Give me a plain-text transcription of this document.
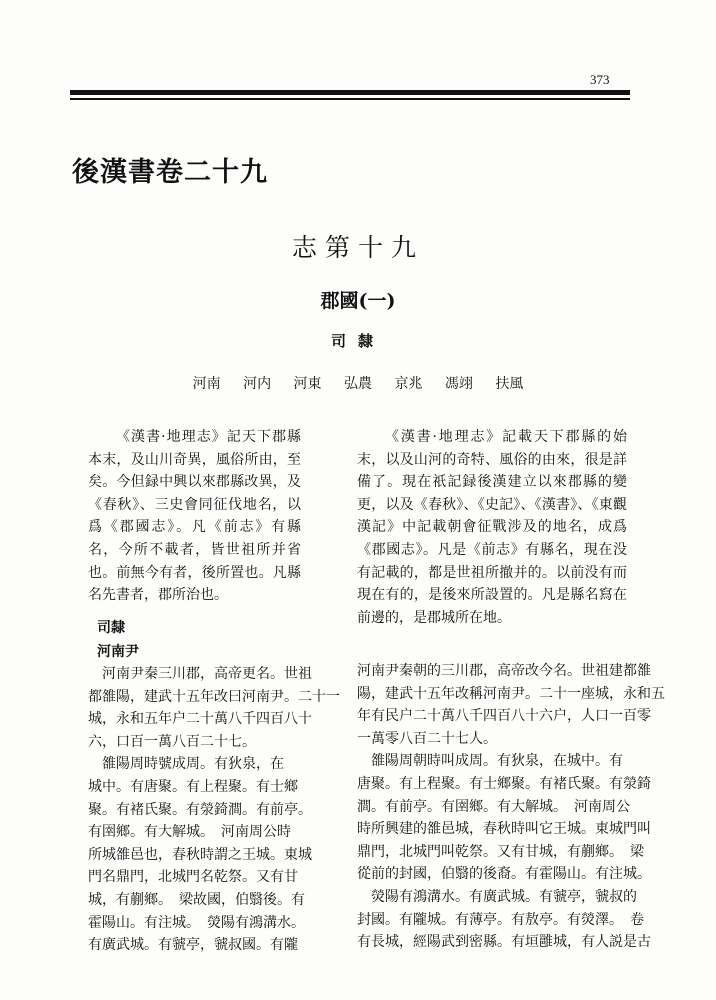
373
後漢書卷二十九
志第十九
郡國(一)
司隸
河南 河内 河東 弘農 京兆 馮翊 扶風

《漢書·地理志》記天下郡縣本末，及山川奇異，風俗所由，至矣。今但録中興以來郡縣改異，及《春秋》、三史會同征伐地名，以爲《郡國志》。凡《前志》有縣名，今所不載者，皆世祖所并省也。前無今有者，後所置也。凡縣名先書者，郡所治也。

《漢書·地理志》記載天下郡縣的始末，以及山河的奇特、風俗的由來，很是詳備了。現在祇記録後漢建立以來郡縣的變更，以及《春秋》、《史記》、《漢書》、《東觀漢記》中記載朝會征戰涉及的地名，成爲《郡國志》。凡是《前志》有縣名，現在没有記載的，都是世祖所撤并的。以前没有而現在有的，是後來所設置的。凡是縣名寫在前邊的，是郡城所在地。

司隸
河南尹
河南尹秦三川郡，高帝更名。世祖
都雒陽，建武十五年改曰河南尹。二十一
城，永和五年户二十萬八千四百八十
六，口百一萬八百二十七。
雒陽周時號成周。有狄泉，在
城中。有唐聚。有上程聚。有士鄉
聚。有褚氏聚。有滎錡澗。有前亭。
有圉鄉。有大解城。　河南周公時
所城雒邑也，春秋時謂之王城。東城
門名鼎門，北城門名乾祭。又有甘
城，有蒯鄉。　梁故國，伯翳後。有
霍陽山。有注城。　熒陽有鴻溝水。
有廣武城。有虢亭，虢叔國。有隴
河南尹秦朝的三川郡，高帝改今名。世祖建都雒
陽，建武十五年改稱河南尹。二十一座城，永和五
年有民户二十萬八千四百八十六户，人口一百零
一萬零八百二十七人。
雒陽周朝時叫成周。有狄泉，在城中。有
唐聚。有上程聚。有士鄉聚。有褚氏聚。有滎錡
澗。有前亭。有圉鄉。有大解城。　河南周公
時所興建的雒邑城，春秋時叫它王城。東城門叫
鼎門，北城門叫乾祭。又有甘城，有蒯鄉。　梁
從前的封國，伯翳的後裔。有霍陽山。有注城。
熒陽有鴻溝水。有廣武城。有虢亭，虢叔的
封國。有隴城。有薄亭。有敖亭。有熒澤。　卷
有長城，經陽武到密縣。有垣雝城，有人説是古
